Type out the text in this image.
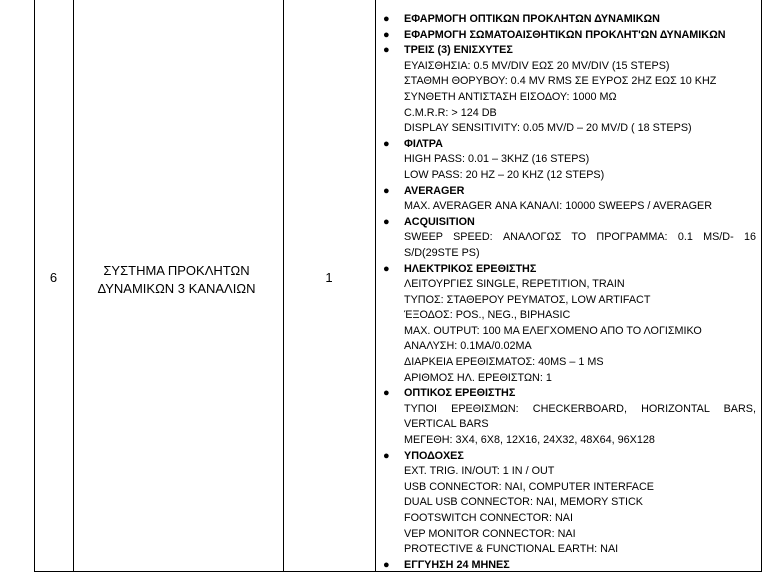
6	ΣΥΣΤΗΜΑ ΠΡΟΚΛΗΤΩΝ
ΔΥΝΑΜΙΚΩΝ 3 ΚΑΝΑΛΙΩΝ
1
● ΕΦΑΡΜΟΓΗ ΟΠΤΙΚΩΝ ΠΡΟΚΛΗΤΩΝ ΔΥΝΑΜΙΚΩΝ
● ΕΦΑΡΜΟΓΗ ΣΩΜΑΤΟΑΙΣΘΗΤΙΚΩΝ ΠΡΟΚΛΗΤ'ΩΝ ΔΥΝΑΜΙΚΩΝ
● ΤΡΕΙΣ (3) ΕΝΙΣΧΥΤΕΣ
ΕΥΑΙΣΘΗΣΙΑ: 0.5 MV/DIV ΕΩΣ 20 MV/DIV (15 STEPS)
ΣΤΑΘΜΗ ΘΟΡΥΒΟΥ: 0.4 MV RMS ΣΕ ΕΥΡΟΣ 2HZ ΕΩΣ 10 KHZ
ΣΥΝΘΕΤΗ ΑΝΤΙΣΤΑΣΗ ΕΙΣΟΔΟΥ: 1000 ΜΩ
C.M.R.R: > 124 DB
DISPLAY SENSITIVITY: 0.05 MV/D – 20 MV/D ( 18 STEPS)
● ΦΙΛΤΡΑ
HIGH PASS: 0.01 – 3KHZ (16 STEPS)
LOW PASS: 20 HZ – 20 KHZ (12 STEPS)
● AVERAGER
MAX. AVERAGER ΑΝΑ ΚΑΝΑΛΙ: 10000 SWEEPS / AVERAGER
● ACQUISITION
SWEEP SPEED: ΑΝΑΛΟΓΩΣ ΤΟ ΠΡΟΓΡΑΜΜΑ: 0.1 MS/D- 16
S/D(29STE PS)
● ΗΛΕΚΤΡΙΚΟΣ ΕΡΕΘΙΣΤΗΣ
ΛΕΙΤΟΥΡΓΙΕΣ SINGLE, REPETITION, TRAIN
ΤΥΠΟΣ: ΣΤΑΘΕΡΟΥ ΡΕΥΜΑΤΟΣ, LOW ARTIFACT
ΈΞΟΔΟΣ: POS., NEG., BIPHASIC
MAX. OUTPUT: 100 MA ΕΛΕΓΧΟΜΕΝΟ ΑΠΟ ΤΟ ΛΟΓΙΣΜΙΚΟ
ΑΝΑΛΥΣΗ: 0.1MA/0.02MA
ΔΙΑΡΚΕΙΑ ΕΡΕΘΙΣΜΑΤΟΣ: 40MS – 1 MS
ΑΡΙΘΜΟΣ ΗΛ. ΕΡΕΘΙΣΤΩΝ: 1
● ΟΠΤΙΚΟΣ ΕΡΕΘΙΣΤΗΣ
ΤΥΠΟΙ ΕΡΕΘΙΣΜΩΝ: CHECKERBOARD, HORIZONTAL BARS,
VERTICAL BARS
ΜΕΓΕΘΗ: 3X4, 6X8, 12X16, 24X32, 48X64, 96X128
● ΥΠΟΔΟΧΕΣ
EXT. TRIG. IN/OUT: 1 IN / OUT
USB CONNECTOR: ΝΑΙ, COMPUTER INTERFACE
DUAL USB CONNECTOR: ΝΑΙ, MEMORY STICK
FOOTSWITCH CONNECTOR: ΝΑΙ
VEP MONITOR CONNECTOR: ΝΑΙ
PROTECTIVE & FUNCTIONAL EARTH: ΝΑΙ
● ΕΓΓΥΗΣΗ 24 ΜΗΝΕΣ
